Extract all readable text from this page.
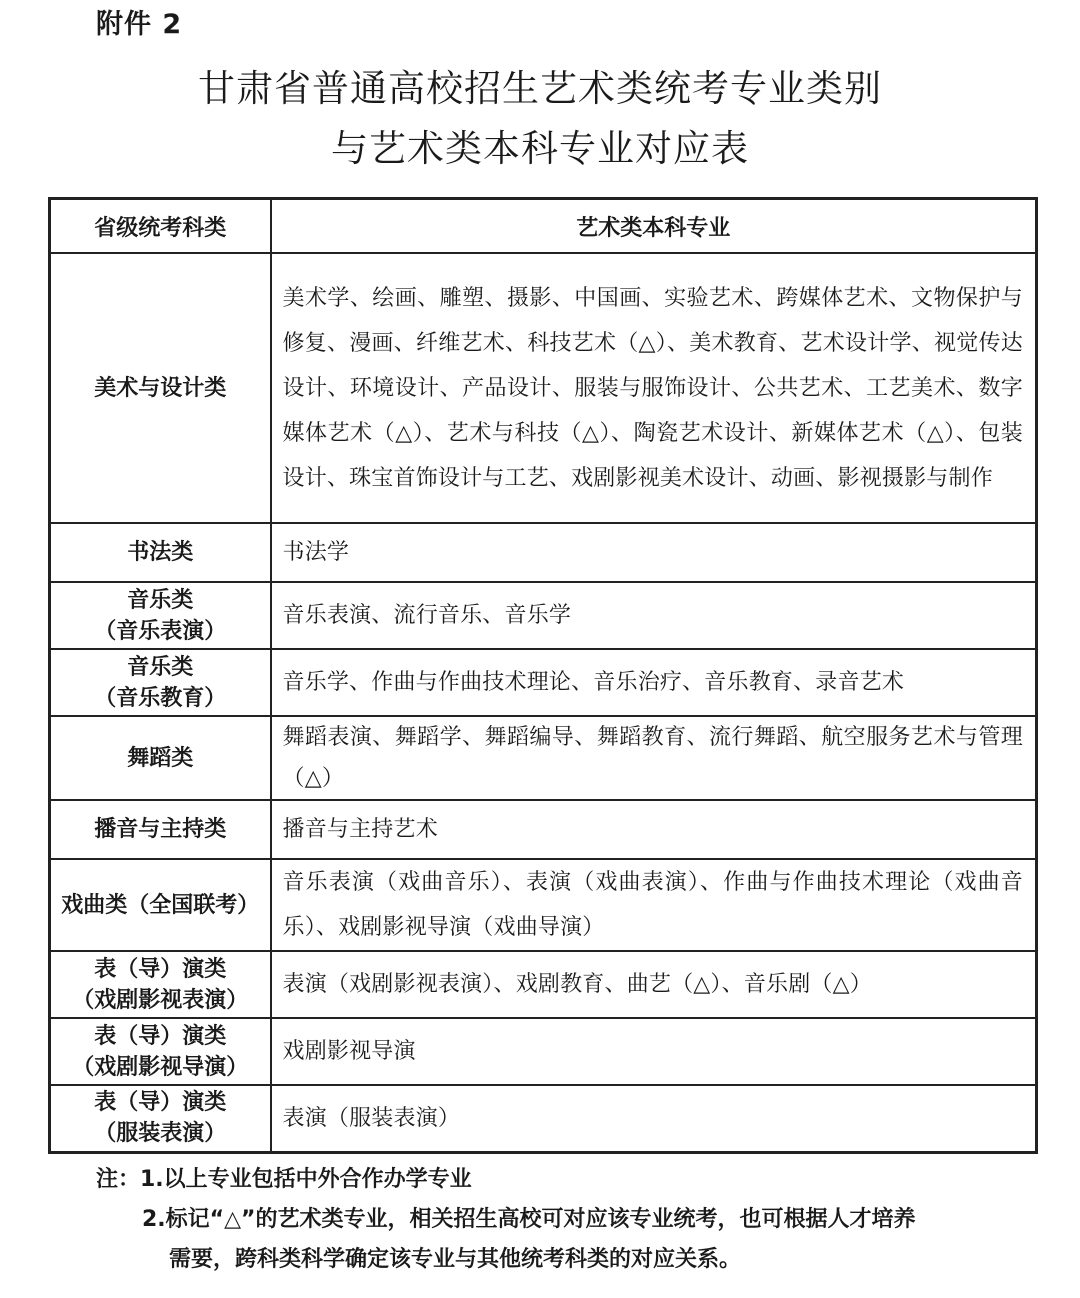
附件 2
甘肃省普通高校招生艺术类统考专业类别
与艺术类本科专业对应表
省级统考科类	艺术类本科专业
美术与设计类	美术学、绘画、雕塑、摄影、中国画、实验艺术、跨媒体艺术、文物保护与修复、漫画、纤维艺术、科技艺术（△）、美术教育、艺术设计学、视觉传达设计、环境设计、产品设计、服装与服饰设计、公共艺术、工艺美术、数字媒体艺术（△）、艺术与科技（△）、陶瓷艺术设计、新媒体艺术（△）、包装设计、珠宝首饰设计与工艺、戏剧影视美术设计、动画、影视摄影与制作
书法类	书法学

音乐类
（音乐表演）	音乐表演、流行音乐、音乐学

音乐类
（音乐教育）	音乐学、作曲与作曲技术理论、音乐治疗、音乐教育、录音艺术
舞蹈类	舞蹈表演、舞蹈学、舞蹈编导、舞蹈教育、流行舞蹈、航空服务艺术与管理（△）
播音与主持类	播音与主持艺术
戏曲类（全国联考）	音乐表演（戏曲音乐）、表演（戏曲表演）、作曲与作曲技术理论（戏曲音乐）、戏剧影视导演（戏曲导演）

表（导）演类
（戏剧影视表演）	表演（戏剧影视表演）、戏剧教育、曲艺（△）、音乐剧（△）

表（导）演类
（戏剧影视导演）	戏剧影视导演

表（导）演类
（服装表演）	表演（服装表演）
注：1.以上专业包括中外合作办学专业
2.标记“△”的艺术类专业，相关招生高校可对应该专业统考，也可根据人才培养
需要，跨科类科学确定该专业与其他统考科类的对应关系。
